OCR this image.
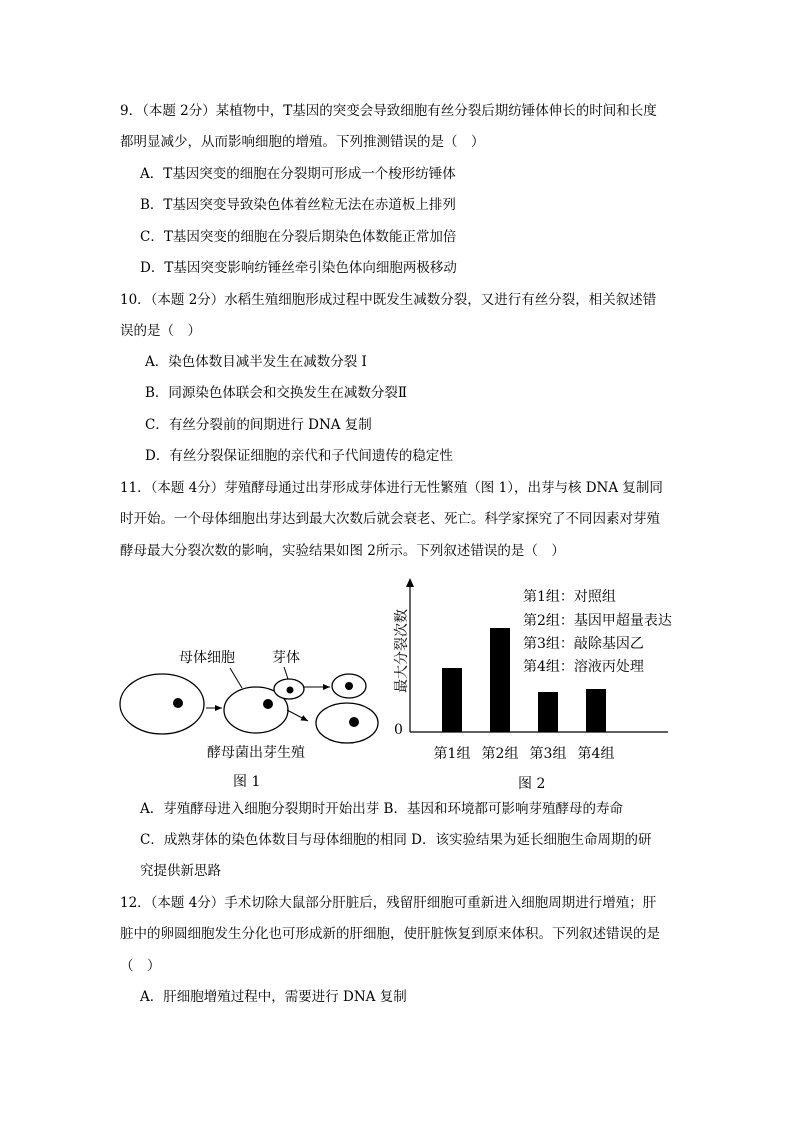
9．（本题 2分）某植物中，T基因的突变会导致细胞有丝分裂后期纺锤体伸长的时间和长度
都明显减少，从而影响细胞的增殖。下列推测错误的是（　）
A．T基因突变的细胞在分裂期可形成一个梭形纺锤体
B．T基因突变导致染色体着丝粒无法在赤道板上排列
C．T基因突变的细胞在分裂后期染色体数能正常加倍
D．T基因突变影响纺锤丝牵引染色体向细胞两极移动
10．（本题 2分）水稻生殖细胞形成过程中既发生减数分裂，又进行有丝分裂，相关叙述错
误的是（　）
A．染色体数目减半发生在减数分裂 Ⅰ
B．同源染色体联会和交换发生在减数分裂Ⅱ
C．有丝分裂前的间期进行 DNA 复制
D．有丝分裂保证细胞的亲代和子代间遗传的稳定性
11．（本题 4分）芽殖酵母通过出芽形成芽体进行无性繁殖（图 1），出芽与核 DNA 复制同
时开始。一个母体细胞出芽达到最大次数后就会衰老、死亡。科学家探究了不同因素对芽殖
酵母最大分裂次数的影响，实验结果如图 2所示。下列叙述错误的是（　）
母体细胞	芽体
酵母菌出芽生殖
图 1
0
最大分裂次数
第1组：对照组
第2组：基因甲超量表达
第3组：敲除基因乙
第4组：溶液丙处理
第1组 第2组 第3组 第4组
图 2
A．芽殖酵母进入细胞分裂期时开始出芽 B．基因和环境都可影响芽殖酵母的寿命
C．成熟芽体的染色体数目与母体细胞的相同 D．该实验结果为延长细胞生命周期的研
究提供新思路
12．（本题 4分）手术切除大鼠部分肝脏后，残留肝细胞可重新进入细胞周期进行增殖；肝
脏中的卵圆细胞发生分化也可形成新的肝细胞，使肝脏恢复到原来体积。下列叙述错误的是
（　）
A．肝细胞增殖过程中，需要进行 DNA 复制
